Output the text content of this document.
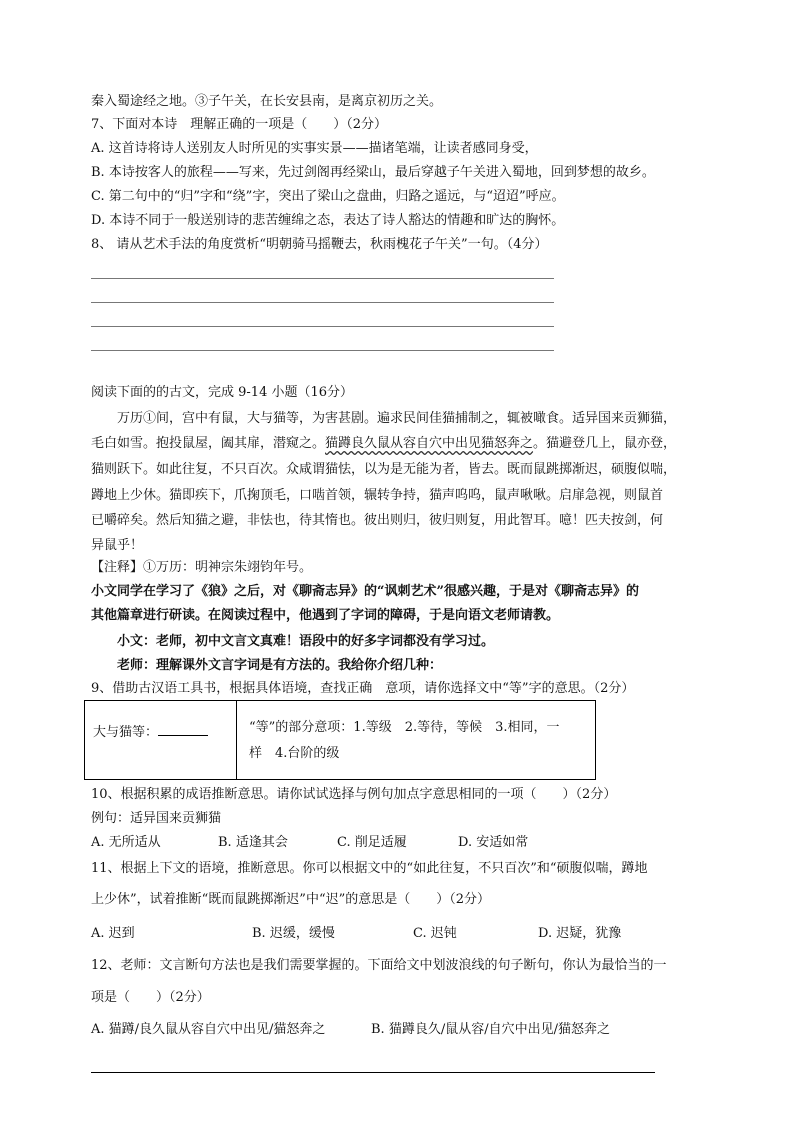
秦入蜀途经之地。③子午关，在长安县南，是离京初历之关。
7、下面对本诗　理解正确的一项是（　　）（2分）
A. 这首诗将诗人送别友人时所见的实事实景——描诸笔端，让读者感同身受，
B. 本诗按客人的旅程——写来，先过剑阁再经梁山，最后穿越子午关进入蜀地，回到梦想的故乡。
C. 第二句中的“归”字和“绕”字，突出了梁山之盘曲，归路之遥远，与“迢迢”呼应。
D. 本诗不同于一般送别诗的悲苦缠绵之态，表达了诗人豁达的情趣和旷达的胸怀。
8、 请从艺术手法的角度赏析“明朝骑马摇鞭去，秋雨槐花子午关”一句。（4分）
阅读下面的的古文，完成 9-14 小题（16分）
万历①间，宫中有鼠，大与猫等，为害甚剧。遍求民间佳猫捕制之，辄被噉食。适异国来贡狮猫，
毛白如雪。抱投鼠屋，阖其扉，潜窥之。猫蹲良久鼠从容自穴中出见猫怒奔之。猫避登几上，鼠亦登，
猫则跃下。如此往复，不只百次。众咸谓猫怯，以为是无能为者，皆去。既而鼠跳掷渐迟，硕腹似喘，
蹲地上少休。猫即疾下，爪掬顶毛，口啮首领，辗转争持，猫声呜呜，鼠声啾啾。启扉急视，则鼠首
已嚼碎矣。然后知猫之避，非怯也，待其惰也。彼出则归，彼归则复，用此智耳。噫！匹夫按剑，何
异鼠乎！
【注释】①万历：明神宗朱翊钧年号。
小文同学在学习了《狼》之后，对《聊斋志异》的“讽刺艺术”很感兴趣，于是对《聊斋志异》的
其他篇章进行研读。在阅读过程中，他遇到了字词的障碍，于是向语文老师请教。
小文：老师，初中文言文真难！语段中的好多字词都没有学习过。
老师：理解课外文言字词是有方法的。我给你介绍几种：
9、借助古汉语工具书，根据具体语境，查找正确　意项，请你选择文中“等”字的意思。（2分）
大与猫等：	“等”的部分意项：1.等级　2.等待，等候　3.相同，一
样　4.台阶的级
10、根据积累的成语推断意思。请你试试选择与例句加点字意思相同的一项（　　）（2分）
例句：适异国来贡狮猫
A. 无所适从	B. 适逢其会	C. 削足适履	D. 安适如常
11、根据上下文的语境，推断意思。你可以根据文中的“如此往复，不只百次”和“硕腹似喘，蹲地
上少休”，试着推断“既而鼠跳掷渐迟”中“迟”的意思是（　　）（2分）
A. 迟到	B. 迟缓，缓慢	C. 迟钝	D. 迟疑，犹豫
12、老师：文言断句方法也是我们需要掌握的。下面给文中划波浪线的句子断句，你认为最恰当的一
项是（　　）（2分）
A. 猫蹲/良久鼠从容自穴中出见/猫怒奔之	B. 猫蹲良久/鼠从容/自穴中出见/猫怒奔之
